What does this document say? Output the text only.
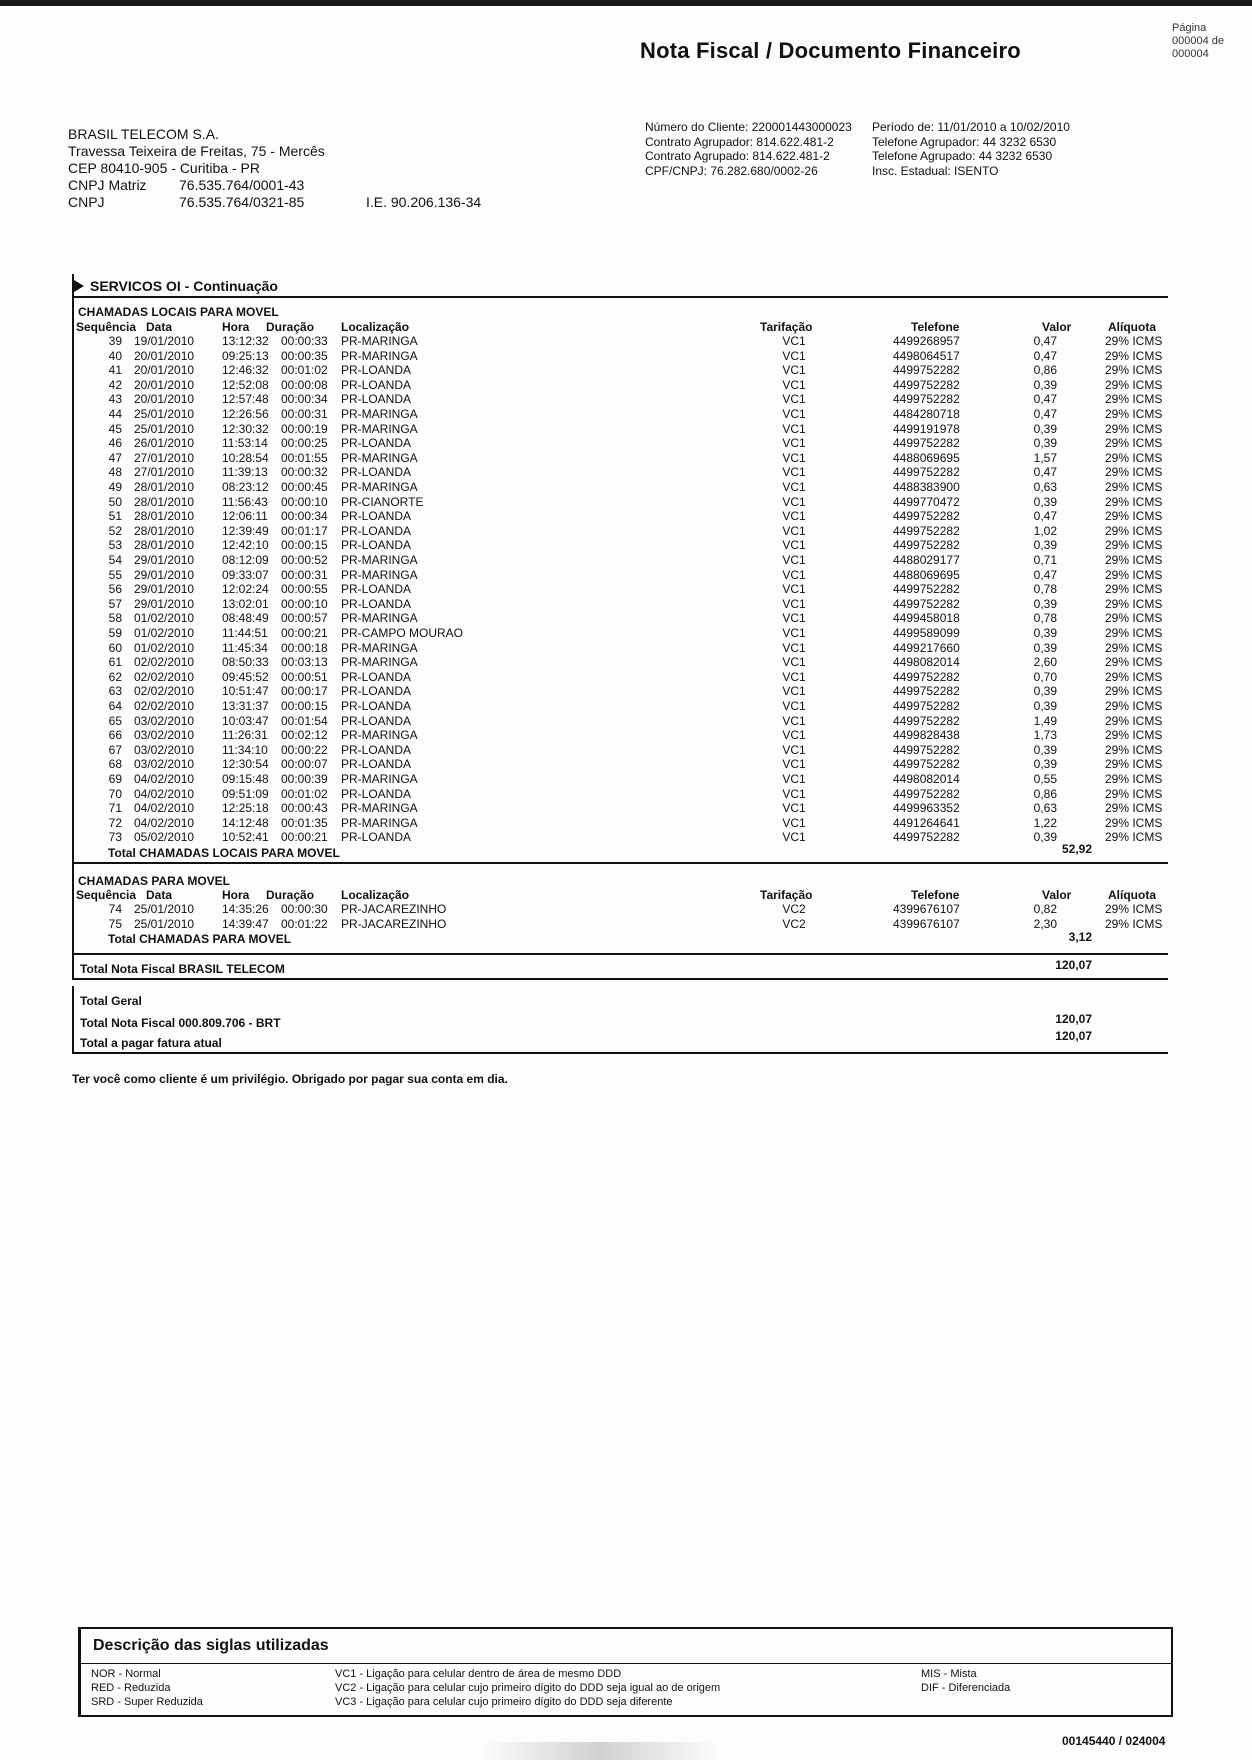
Nota Fiscal / Documento Financeiro
Página
000004 de
000004
BRASIL TELECOM S.A.
Travessa Teixeira de Freitas, 75 - Mercês
CEP 80410-905 - Curitiba - PR
CNPJ Matriz 76.535.764/0001-43
CNPJ	76.535.764/0321-85	I.E. 90.206.136-34
Número do Cliente: 220001443000023
Contrato Agrupador: 814.622.481-2
Contrato Agrupado: 814.622.481-2
CPF/CNPJ: 76.282.680/0002-26
Período de: 11/01/2010 a 10/02/2010
Telefone Agrupador: 44 3232 6530
Telefone Agrupado: 44 3232 6530
Insc. Estadual: ISENTO
SERVICOS OI - Continuação
CHAMADAS LOCAIS PARA MOVEL
Sequência Data	Hora Duração Localização	Tarifação	Telefone	Valor	Alíquota
39 19/01/2010 13:12:32 00:00:33 PR-MARINGA	VC1	4499268957	0,47	29% ICMS
40 20/01/2010 09:25:13 00:00:35 PR-MARINGA	VC1	4498064517	0,47	29% ICMS
41 20/01/2010 12:46:32 00:01:02 PR-LOANDA	VC1	4499752282	0,86	29% ICMS
42 20/01/2010 12:52:08 00:00:08 PR-LOANDA	VC1	4499752282	0,39	29% ICMS
43 20/01/2010 12:57:48 00:00:34 PR-LOANDA	VC1	4499752282	0,47	29% ICMS
44 25/01/2010 12:26:56 00:00:31 PR-MARINGA	VC1	4484280718	0,47	29% ICMS
45 25/01/2010 12:30:32 00:00:19 PR-MARINGA	VC1	4499191978	0,39	29% ICMS
46 26/01/2010 11:53:14 00:00:25 PR-LOANDA	VC1	4499752282	0,39	29% ICMS
47 27/01/2010 10:28:54 00:01:55 PR-MARINGA	VC1	4488069695	1,57	29% ICMS
48 27/01/2010 11:39:13 00:00:32 PR-LOANDA	VC1	4499752282	0,47	29% ICMS
49 28/01/2010 08:23:12 00:00:45 PR-MARINGA	VC1	4488383900	0,63	29% ICMS
50 28/01/2010 11:56:43 00:00:10 PR-CIANORTE	VC1	4499770472	0,39	29% ICMS
51 28/01/2010 12:06:11 00:00:34 PR-LOANDA	VC1	4499752282	0,47	29% ICMS
52 28/01/2010 12:39:49 00:01:17 PR-LOANDA	VC1	4499752282	1,02	29% ICMS
53 28/01/2010 12:42:10 00:00:15 PR-LOANDA	VC1	4499752282	0,39	29% ICMS
54 29/01/2010 08:12:09 00:00:52 PR-MARINGA	VC1	4488029177	0,71	29% ICMS
55 29/01/2010 09:33:07 00:00:31 PR-MARINGA	VC1	4488069695	0,47	29% ICMS
56 29/01/2010 12:02:24 00:00:55 PR-LOANDA	VC1	4499752282	0,78	29% ICMS
57 29/01/2010 13:02:01 00:00:10 PR-LOANDA	VC1	4499752282	0,39	29% ICMS
58 01/02/2010 08:48:49 00:00:57 PR-MARINGA	VC1	4499458018	0,78	29% ICMS
59 01/02/2010 11:44:51 00:00:21 PR-CAMPO MOURAO	VC1	4499589099	0,39	29% ICMS
60 01/02/2010 11:45:34 00:00:18 PR-MARINGA	VC1	4499217660	0,39	29% ICMS
61 02/02/2010 08:50:33 00:03:13 PR-MARINGA	VC1	4498082014	2,60	29% ICMS
62 02/02/2010 09:45:52 00:00:51 PR-LOANDA	VC1	4499752282	0,70	29% ICMS
63 02/02/2010 10:51:47 00:00:17 PR-LOANDA	VC1	4499752282	0,39	29% ICMS
64 02/02/2010 13:31:37 00:00:15 PR-LOANDA	VC1	4499752282	0,39	29% ICMS
65 03/02/2010 10:03:47 00:01:54 PR-LOANDA	VC1	4499752282	1,49	29% ICMS
66 03/02/2010 11:26:31 00:02:12 PR-MARINGA	VC1	4499828438	1,73	29% ICMS
67 03/02/2010 11:34:10 00:00:22 PR-LOANDA	VC1	4499752282	0,39	29% ICMS
68 03/02/2010 12:30:54 00:00:07 PR-LOANDA	VC1	4499752282	0,39	29% ICMS
69 04/02/2010 09:15:48 00:00:39 PR-MARINGA	VC1	4498082014	0,55	29% ICMS
70 04/02/2010 09:51:09 00:01:02 PR-LOANDA	VC1	4499752282	0,86	29% ICMS
71 04/02/2010 12:25:18 00:00:43 PR-MARINGA	VC1	4499963352	0,63	29% ICMS
72 04/02/2010 14:12:48 00:01:35 PR-MARINGA	VC1	4491264641	1,22	29% ICMS
73 05/02/2010 10:52:41 00:00:21 PR-LOANDA	VC1	4499752282	0,39	29% ICMS
Total CHAMADAS LOCAIS PARA MOVEL	52,92
CHAMADAS PARA MOVEL
Sequência Data	Hora Duração Localização	Tarifação	Telefone	Valor	Alíquota
74 25/01/2010 14:35:26 00:00:30 PR-JACAREZINHO	VC2	4399676107	0,82	29% ICMS
75 25/01/2010 14:39:47 00:01:22 PR-JACAREZINHO	VC2	4399676107	2,30	29% ICMS
Total CHAMADAS PARA MOVEL	3,12
Total Nota Fiscal BRASIL TELECOM	120,07
Total Geral
Total Nota Fiscal 000.809.706 - BRT	120,07
Total a pagar fatura atual	120,07
Ter você como cliente é um privilégio. Obrigado por pagar sua conta em dia.
Descrição das siglas utilizadas
NOR - Normal
RED - Reduzida
SRD - Super Reduzida
VC1 - Ligação para celular dentro de área de mesmo DDD
VC2 - Ligação para celular cujo primeiro dígito do DDD seja igual ao de origem
VC3 - Ligação para celular cujo primeiro dígito do DDD seja diferente
MIS - Mista
DIF - Diferenciada
00145440 / 024004
